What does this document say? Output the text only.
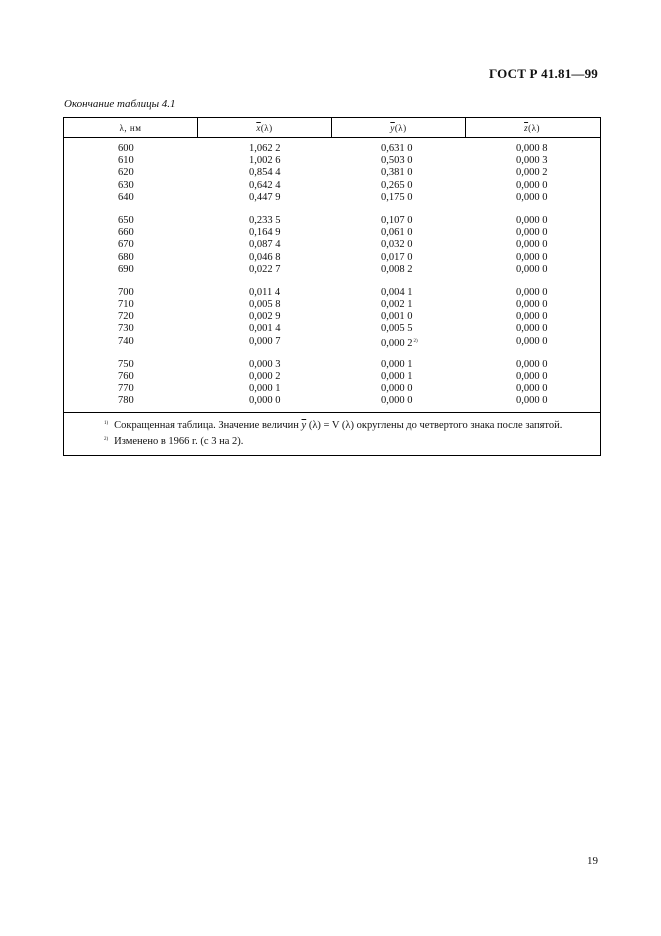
ГОСТ Р 41.81—99
Окончание таблицы 4.1
λ, нм	$\overline{x}$ (λ)	$\overline{y}$ (λ)	$\overline{z}$ (λ)
600	1,062 2	0,631 0	0,000 8
610	1,002 6	0,503 0	0,000 3
620	0,854 4	0,381 0	0,000 2
630	0,642 4	0,265 0	0,000 0
640	0,447 9	0,175 0	0,000 0
650	0,233 5	0,107 0	0,000 0
660	0,164 9	0,061 0	0,000 0
670	0,087 4	0,032 0	0,000 0
680	0,046 8	0,017 0	0,000 0
690	0,022 7	0,008 2	0,000 0
700	0,011 4	0,004 1	0,000 0
710	0,005 8	0,002 1	0,000 0
720	0,002 9	0,001 0	0,000 0
730	0,001 4	0,005 5	0,000 0
740	0,000 7	0,000 2$^{2)}$	0,000 0
750	0,000 3	0,000 1	0,000 0
760	0,000 2	0,000 1	0,000 0
770	0,000 1	0,000 0	0,000 0
780	0,000 0	0,000 0	0,000 0
$^{1)}$ Сокращенная таблица. Значение величин $\overline{y}$ (λ) = V (λ) округлены до четвертого знака после запятой.
$^{2)}$ Изменено в 1966 г. (с 3 на 2).
19
